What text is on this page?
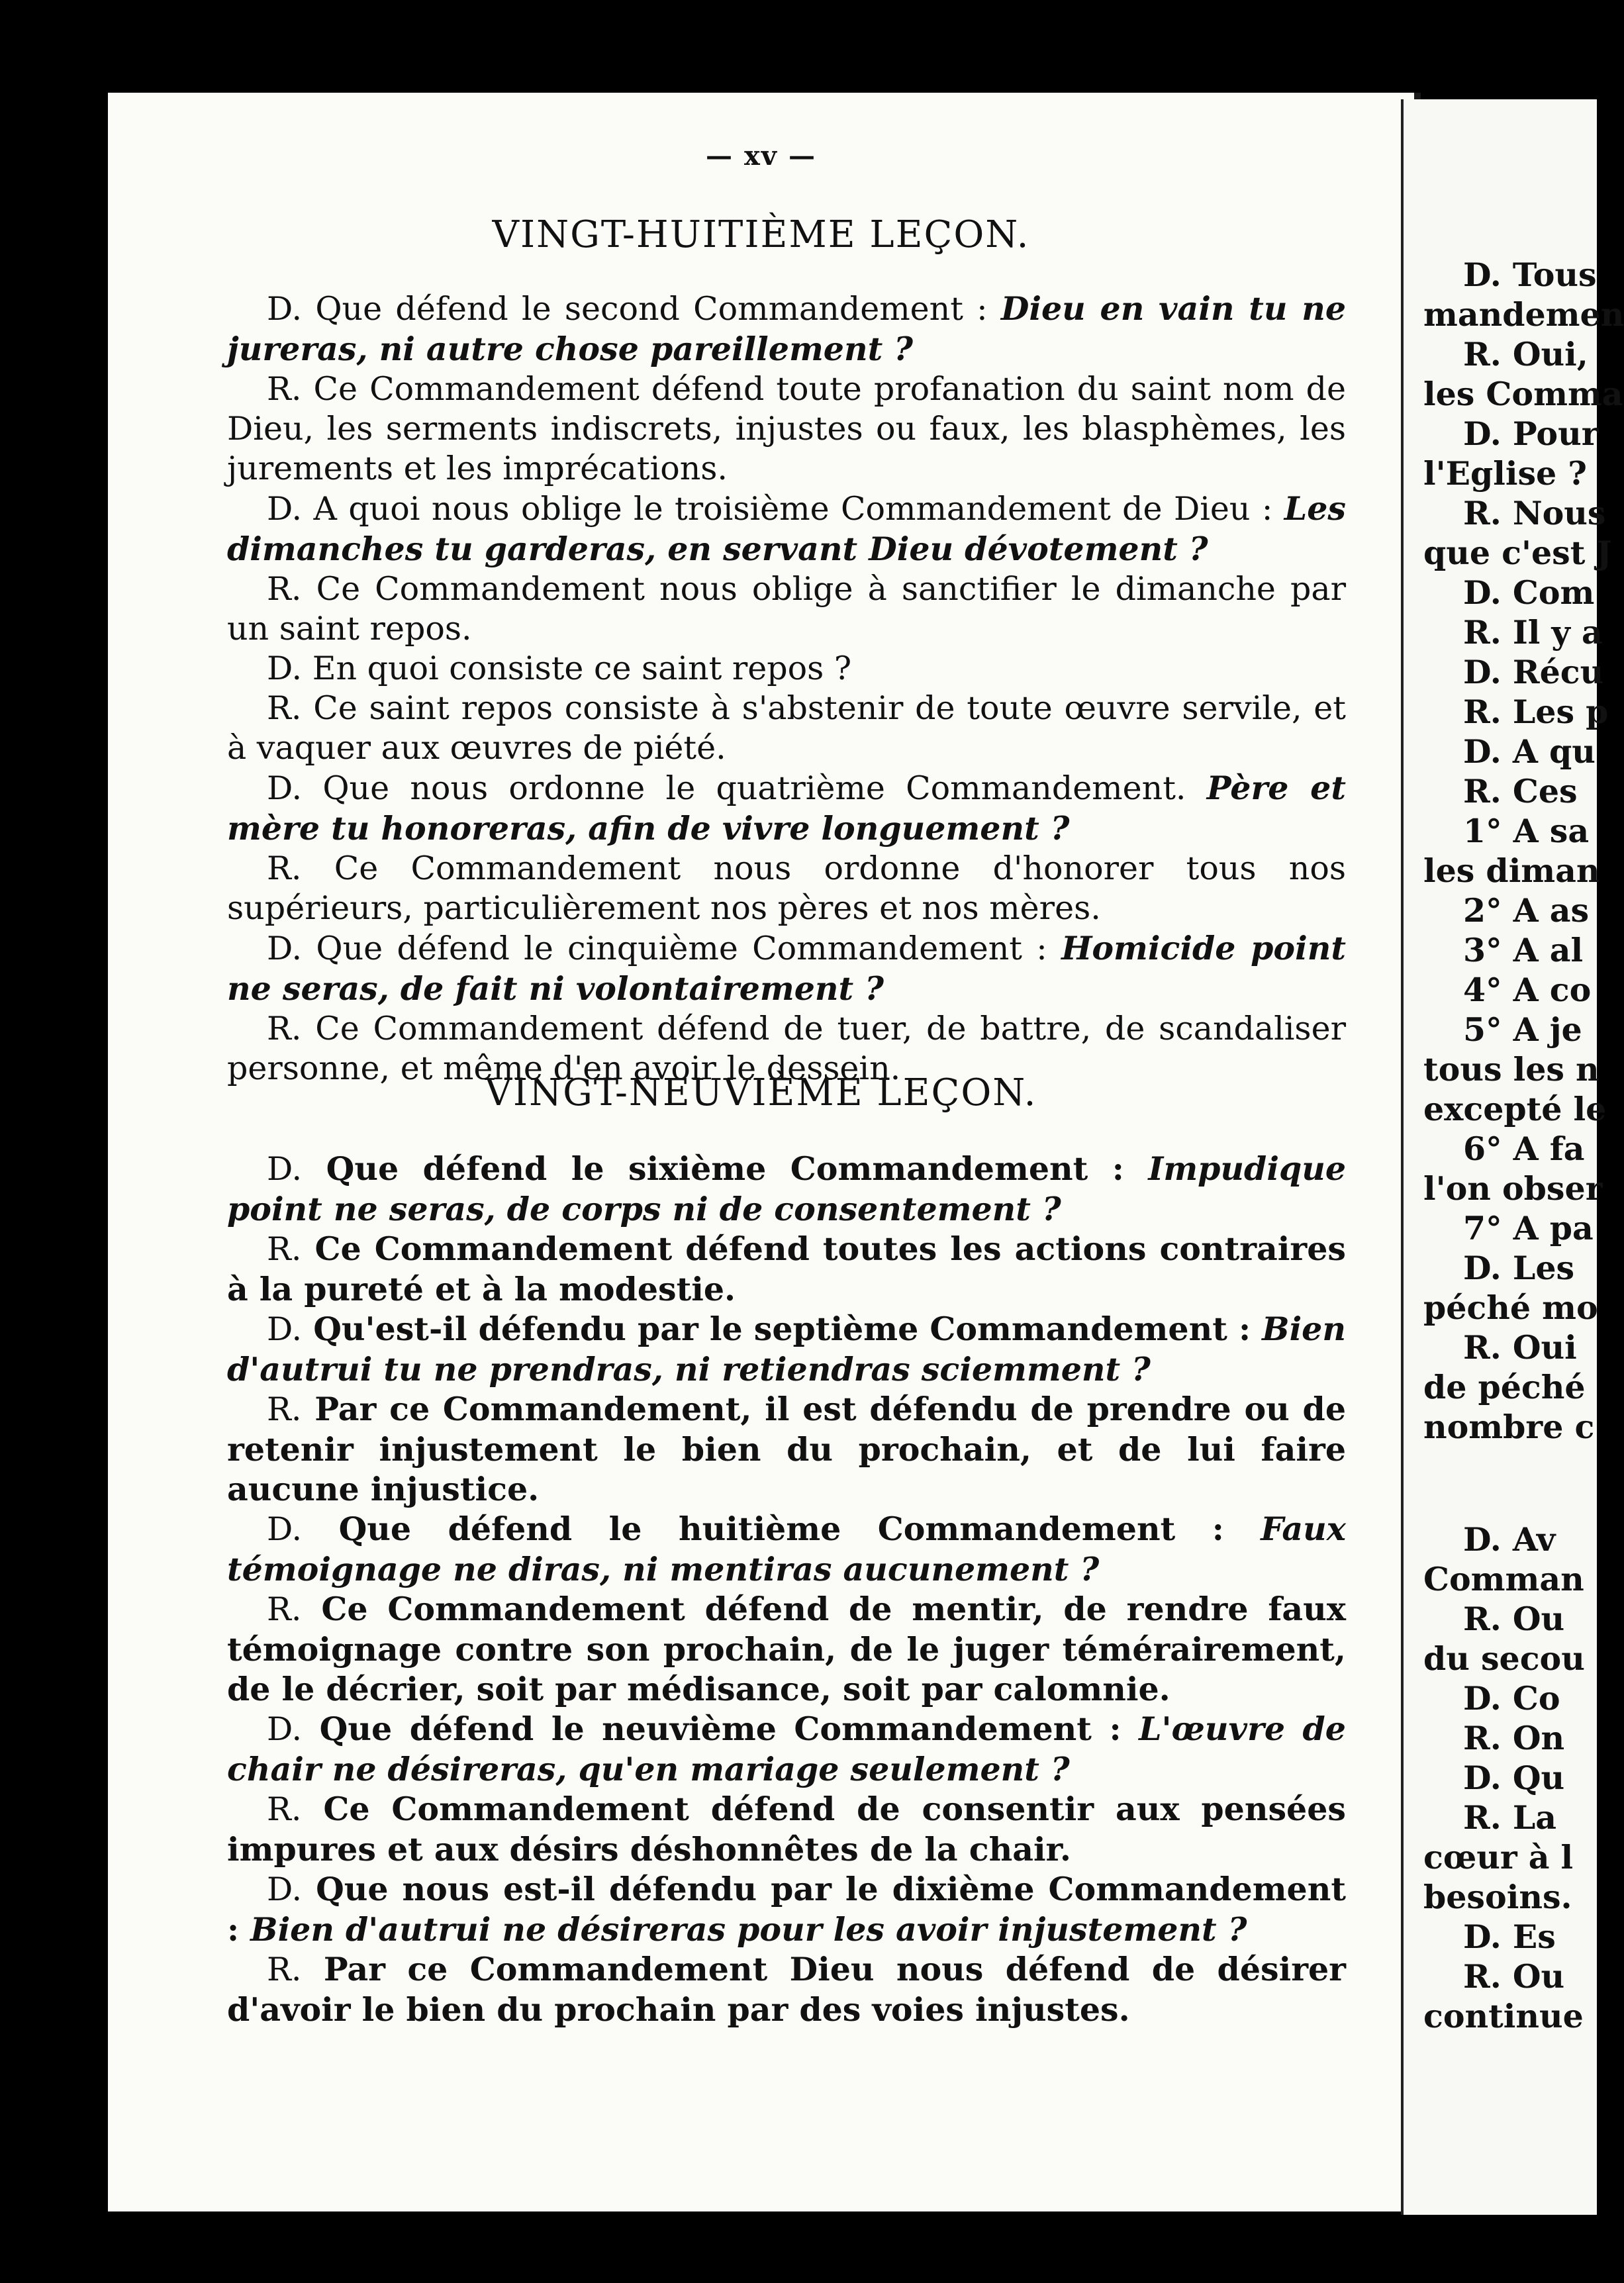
— xv —
VINGT-HUITIÈME LEÇON.

D. Que défend le second Commandement : Dieu en vain tu ne jureras, ni autre chose pareillement ?

R. Ce Commandement défend toute profanation du saint nom de Dieu, les serments indiscrets, injustes ou faux, les blasphèmes, les jurements et les imprécations.

D. A quoi nous oblige le troisième Commandement de Dieu : Les dimanches tu garderas, en servant Dieu dévotement ?

R. Ce Commandement nous oblige à sanctifier le dimanche par un saint repos.

D. En quoi consiste ce saint repos ?

R. Ce saint repos consiste à s'abstenir de toute œuvre servile, et à vaquer aux œuvres de piété.

D. Que nous ordonne le quatrième Commandement. Père et mère tu honoreras, afin de vivre longuement ?

R. Ce Commandement nous ordonne d'honorer tous nos supérieurs, particulièrement nos pères et nos mères.

D. Que défend le cinquième Commandement : Homicide point ne seras, de fait ni volontairement ?

R. Ce Commandement défend de tuer, de battre, de scandaliser personne, et même d'en avoir le dessein.

VINGT-NEUVIÈME LEÇON.

D. Que défend le sixième Commandement : Impudique point ne seras, de corps ni de consentement ?

R. Ce Commandement défend toutes les actions contraires à la pureté et à la modestie.

D. Qu'est-il défendu par le septième Commandement : Bien d'autrui tu ne prendras, ni retiendras sciemment ?

R. Par ce Commandement, il est défendu de prendre ou de retenir injustement le bien du prochain, et de lui faire aucune injustice.

D. Que défend le huitième Commandement : Faux témoignage ne diras, ni mentiras aucunement ?

R. Ce Commandement défend de mentir, de rendre faux témoignage contre son prochain, de le juger témérairement, de le décrier, soit par médisance, soit par calomnie.

D. Que défend le neuvième Commandement : L'œuvre de chair ne désireras, qu'en mariage seulement ?

R. Ce Commandement défend de consentir aux pensées impures et aux désirs déshonnêtes de la chair.

D. Que nous est-il défendu par le dixième Commandement : Bien d'autrui ne désireras pour les avoir injustement ?

R. Par ce Commandement Dieu nous défend de désirer d'avoir le bien du prochain par des voies injustes.

D. Tous
mandemen
R. Oui,
les Comma
D. Pour
l'Eglise ?
R. Nous
que c'est J
D. Com
R. Il y a
D. Récu
R. Les p
D. A qu
R. Ces
1° A sa
les diman
2° A as
3° A al
4° A co
5° A je
tous les n
excepté le
6° A fa
l'on obser
7° A pa
D. Les
péché mo
R. Oui
de péché
nombre c
D. Av
Comman
R. Ou
du secou
D. Co
R. On
D. Qu
R. La
cœur à l
besoins.
D. Es
R. Ou
continue
